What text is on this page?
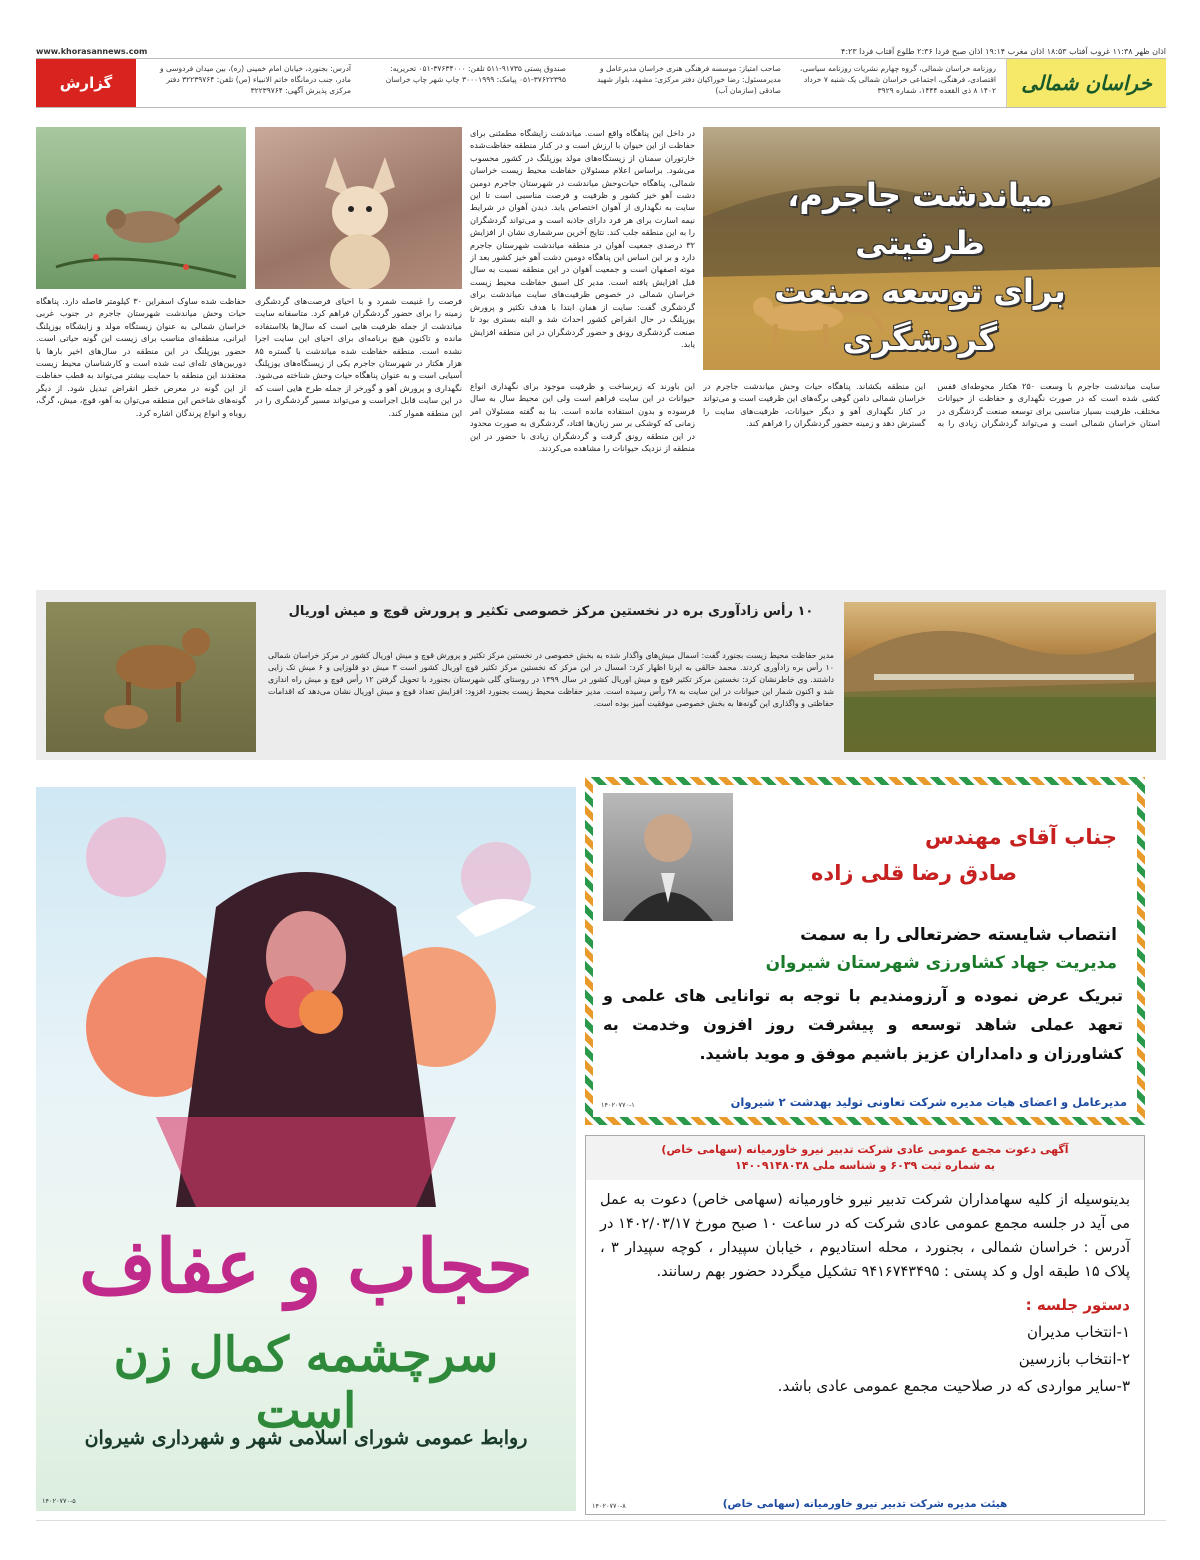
اذان ظهر ۱۱:۳۸ غروب آفتاب ۱۸:۵۳ اذان مغرب ۱۹:۱۴ اذان صبح فردا ۲:۳۶ طلوع آفتاب فردا ۴:۲۳
www.khorasannews.com
خراسان شمالی
روزنامه خراسان شمالی، گروه چهارم نشریات روزنامه سیاسی، اقتصادی، فرهنگی، اجتماعی خراسان شمالی یک شنبه ۷ خرداد ۱۴۰۲ ۸ ذی القعده ۱۴۴۴، شماره ۳۹۲۹
صاحب امتیاز: موسسه فرهنگی هنری خراسان مدیرعامل و مدیرمسئول: رضا خوراکیان دفتر مرکزی: مشهد، بلوار شهید صادقی (سازمان آب)
صندوق پستی ۹۱۷۳۵-۵۱۱ تلفن: ۳۷۶۳۴۰۰۰-۰۵۱ تحریریه: ۳۷۶۲۲۳۹۵-۰۵۱ پیامک: ۳۰۰۰۱۹۹۹ چاپ شهر چاپ خراسان
آدرس: بجنورد، خیابان امام خمینی (ره)، بین میدان فردوسی و مادر، جنب درمانگاه خاتم الانبیاء (ص) تلفن: ۳۲۲۳۹۷۶۴ دفتر مرکزی پذیرش آگهی: ۳۲۲۳۹۷۶۴
گزارش
میاندشت جاجرم، ظرفیتی
برای توسعه صنعت گردشگری
در داخل این پناهگاه واقع است. میاندشت زایشگاه مطمئنی برای حفاظت از این حیوان با ارزش است و در کنار منطقه حفاظت‌شده خارتوران سمنان از زیستگاه‌های مولد یوزپلنگ در کشور محسوب می‌شود. براساس اعلام مسئولان حفاظت محیط زیست خراسان شمالی، پناهگاه حیات‌وحش میاندشت در شهرستان جاجرم دومین دشت آهو خیز کشور و ظرفیت و فرصت مناسبی است تا این سایت به نگهداری از آهوان اختصاص یابد. دیدن آهوان در شرایط نیمه اسارت برای هر فرد دارای جاذبه است و می‌تواند گردشگران را به این منطقه جلب کند. نتایج آخرین سرشماری نشان از افزایش ۳۲ درصدی جمعیت آهوان در منطقه میاندشت شهرستان جاجرم دارد و بر این اساس این پناهگاه دومین دشت آهو خیز کشور بعد از موته اصفهان است و جمعیت آهوان در این منطقه نسبت به سال قبل افزایش یافته است. مدیر کل اسبق حفاظت محیط زیست خراسان شمالی در خصوص ظرفیت‌های سایت میاندشت برای گردشگری گفت: سایت از همان ابتدا با هدف تکثیر و پرورش یوزپلنگ در حال انقراض کشور احداث شد و البته بستری بود تا صنعت گردشگری رونق و حضور گردشگران در این منطقه افزایش یابد.
این باورند که زیرساخت و ظرفیت موجود برای نگهداری انواع حیوانات در این سایت فراهم است ولی این محیط سال به سال فرسوده و بدون استفاده مانده است. بنا به گفته مسئولان امر زمانی که کوشکی بر سر زبان‌ها افتاد، گردشگری به صورت محدود در این منطقه رونق گرفت و گردشگران زیادی با حضور در این منطقه از نزدیک حیوانات را مشاهده می‌کردند.
سایت میاندشت جاجرم با وسعت ۲۵۰ هکتار محوطه‌ای قفس کشی شده است که در صورت نگهداری و حفاظت از حیوانات مختلف، ظرفیت بسیار مناسبی برای توسعه صنعت گردشگری در استان خراسان شمالی است و می‌تواند گردشگران زیادی را به این منطقه بکشاند. پناهگاه حیات وحش میاندشت جاجرم در خراسان شمالی دامن گوهی برگه‌های این ظرفیت است و می‌تواند در کنار نگهداری آهو و دیگر حیوانات، ظرفیت‌های سایت را گسترش دهد و زمینه حضور گردشگران را فراهم کند.
فرصت را غنیمت شمرد و با احیای فرصت‌های گردشگری زمینه را برای حضور گردشگران فراهم کرد. متاسفانه سایت میاندشت از جمله ظرفیت هایی است که سال‌ها بلااستفاده مانده و تاکنون هیچ برنامه‌ای برای احیای این سایت اجرا نشده است. منطقه حفاظت شده میاندشت با گستره ۸۵ هزار هکتار در شهرستان جاجرم یکی از زیستگاه‌های یوزپلنگ آسیایی است و به عنوان پناهگاه حیات وحش شناخته می‌شود. نگهداری و پرورش آهو و گورخر از جمله طرح هایی است که در این سایت قابل اجراست و می‌تواند مسیر گردشگری را در این منطقه هموار کند.
حفاظت شده ساوک اسفراین ۳۰ کیلومتر فاصله دارد. پناهگاه حیات وحش میاندشت شهرستان جاجرم در جنوب غربی خراسان شمالی به عنوان زیستگاه مولد و زایشگاه یوزپلنگ ایرانی، منطقه‌ای مناسب برای زیست این گونه حیاتی است. حضور یوزپلنگ در این منطقه در سال‌های اخیر بارها با دوربین‌های تله‌ای ثبت شده است و کارشناسان محیط زیست معتقدند این منطقه با حمایت بیشتر می‌تواند به قطب حفاظت از این گونه در معرض خطر انقراض تبدیل شود. از دیگر گونه‌های شاخص این منطقه می‌توان به آهو، قوچ، میش، گرگ، روباه و انواع پرندگان اشاره کرد.
۱۰ رأس زادآوری بره در نخستین مرکز خصوصی تکثیر و پرورش قوچ و میش اوریال
مدیر حفاظت محیط زیست بجنورد گفت: اسمال میش‌های واگذار شده به بخش خصوصی در نخستین مرکز تکثیر و پرورش قوچ و میش اوریال کشور در مرکز خراسان شمالی ۱۰ رأس بره زادآوری کردند. محمد خالقی به ایرنا اظهار کرد: امسال در این مرکز که نخستین مرکز تکثیر قوچ اوریال کشور است ۳ میش دو قلوزایی و ۶ میش تک زایی داشتند. وی خاطرنشان کرد: نخستین مرکز تکثیر قوچ و میش اوریال کشور در سال ۱۳۹۹ در روستای گلی شهرستان بجنورد با تحویل گرفتن ۱۲ رأس قوچ و میش راه اندازی شد و اکنون شمار این حیوانات در این سایت به ۲۸ رأس رسیده است. مدیر حفاظت محیط زیست بجنورد افزود: افزایش تعداد قوچ و میش اوریال نشان می‌دهد که اقدامات حفاظتی و واگذاری این گونه‌ها به بخش خصوصی موفقیت آمیز بوده است.
جناب آقای مهندس
صادق رضا قلی زاده
انتصاب شایسته حضرتعالی را به سمت
مدیریت جهاد کشاورزی شهرستان شیروان
تبریک عرض نموده و آرزومندیم با توجه به توانایی های علمی و تعهد عملی شاهد توسعه و پیشرفت روز افزون وخدمت به کشاورزان و دامداران عزیز باشیم موفق و موید باشید.
مدیرعامل و اعضای هیات مدیره شرکت تعاونی تولید بهدشت ۲ شیروان
۱۴۰۲۰۷۷۰-۱
آگهی دعوت مجمع عمومی عادی شرکت تدبیر نیرو خاورمیانه (سهامی خاص)
به شماره ثبت ۶۰۳۹ و شناسه ملی ۱۴۰۰۹۱۴۸۰۳۸
بدینوسیله از کلیه سهامداران شرکت تدبیر نیرو خاورمیانه (سهامی خاص) دعوت به عمل می آید در جلسه مجمع عمومی عادی شرکت که در ساعت ۱۰ صبح مورخ ۱۴۰۲/۰۳/۱۷ در آدرس : خراسان شمالی ، بجنورد ، محله استادیوم ، خیابان سپیدار ، کوچه سپیدار ۳ ، پلاک ۱۵ طبقه اول و کد پستی : ۹۴۱۶۷۴۳۴۹۵ تشکیل میگردد حضور بهم رسانند.
دستور جلسه :
۱-انتخاب مدیران
۲-انتخاب بازرسین
۳-سایر مواردی که در صلاحیت مجمع عمومی عادی باشد.
هیئت مدیره شرکت تدبیر نیرو خاورمیانه (سهامی خاص)
۱۴۰۲۰۷۷۰-۸
حجاب و عفاف
سرچشمه کمال زن است
روابط عمومی شورای اسلامی شهر و شهرداری شیروان
۱۴۰۲۰۷۷۰-۵
